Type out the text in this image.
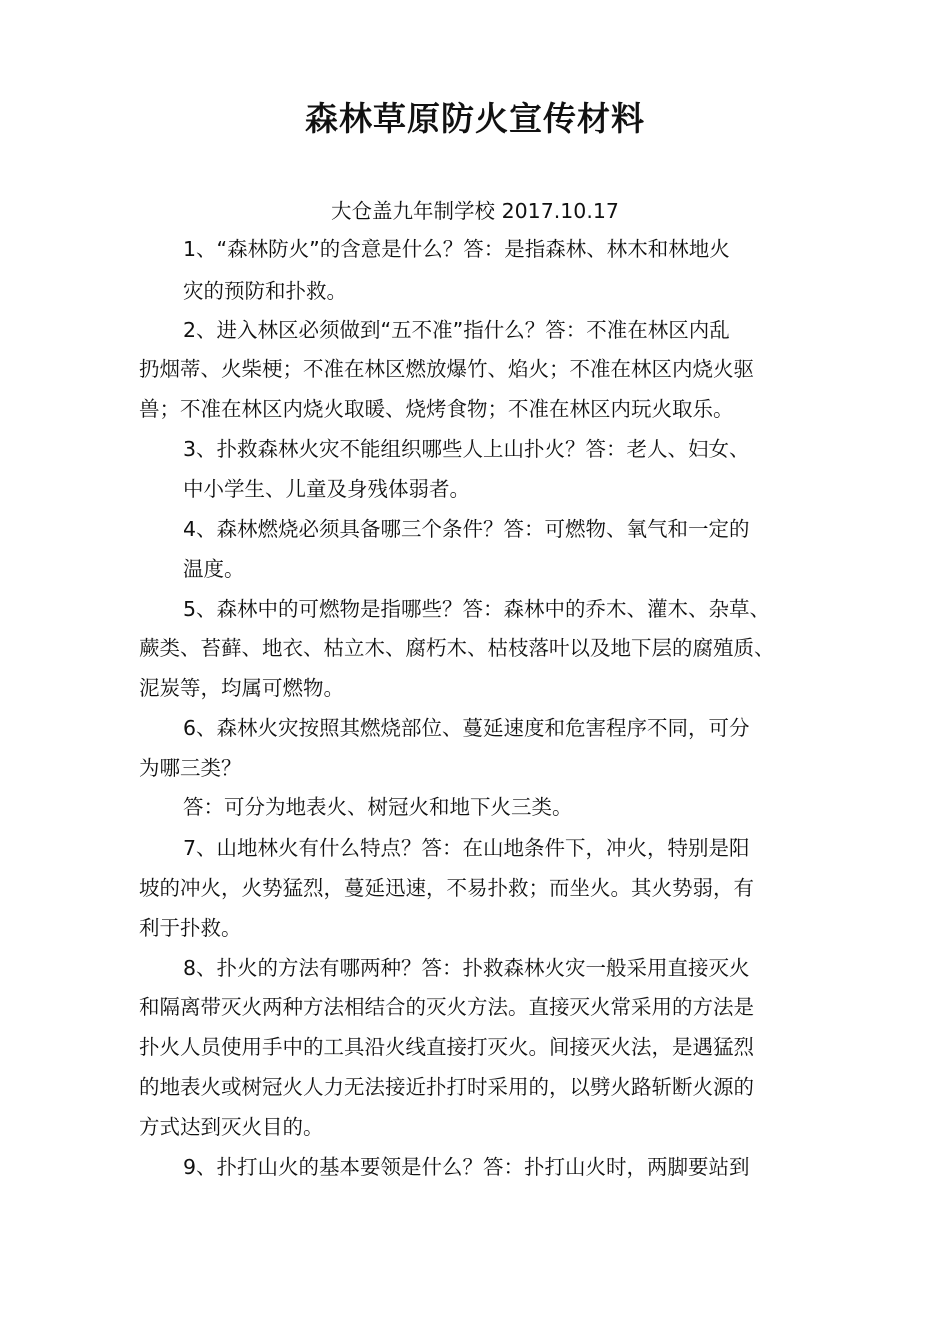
森林草原防火宣传材料
大仓盖九年制学校 2017.10.17
1、“森林防火”的含意是什么？答：是指森林、林木和林地火
灾的预防和扑救。
2、进入林区必须做到“五不准”指什么？答：不准在林区内乱
扔烟蒂、火柴梗；不准在林区燃放爆竹、焰火；不准在林区内烧火驱
兽；不准在林区内烧火取暖、烧烤食物；不准在林区内玩火取乐。
3、扑救森林火灾不能组织哪些人上山扑火？答：老人、妇女、
中小学生、儿童及身残体弱者。
4、森林燃烧必须具备哪三个条件？答：可燃物、氧气和一定的
温度。
5、森林中的可燃物是指哪些？答：森林中的乔木、灌木、杂草、
蕨类、苔藓、地衣、枯立木、腐朽木、枯枝落叶以及地下层的腐殖质、
泥炭等，均属可燃物。
6、森林火灾按照其燃烧部位、蔓延速度和危害程序不同，可分
为哪三类？
答：可分为地表火、树冠火和地下火三类。
7、山地林火有什么特点？答：在山地条件下，冲火，特别是阳
坡的冲火，火势猛烈，蔓延迅速，不易扑救；而坐火。其火势弱，有
利于扑救。
8、扑火的方法有哪两种？答：扑救森林火灾一般采用直接灭火
和隔离带灭火两种方法相结合的灭火方法。直接灭火常采用的方法是
扑火人员使用手中的工具沿火线直接打灭火。间接灭火法，是遇猛烈
的地表火或树冠火人力无法接近扑打时采用的，以劈火路斩断火源的
方式达到灭火目的。
9、扑打山火的基本要领是什么？答：扑打山火时，两脚要站到
